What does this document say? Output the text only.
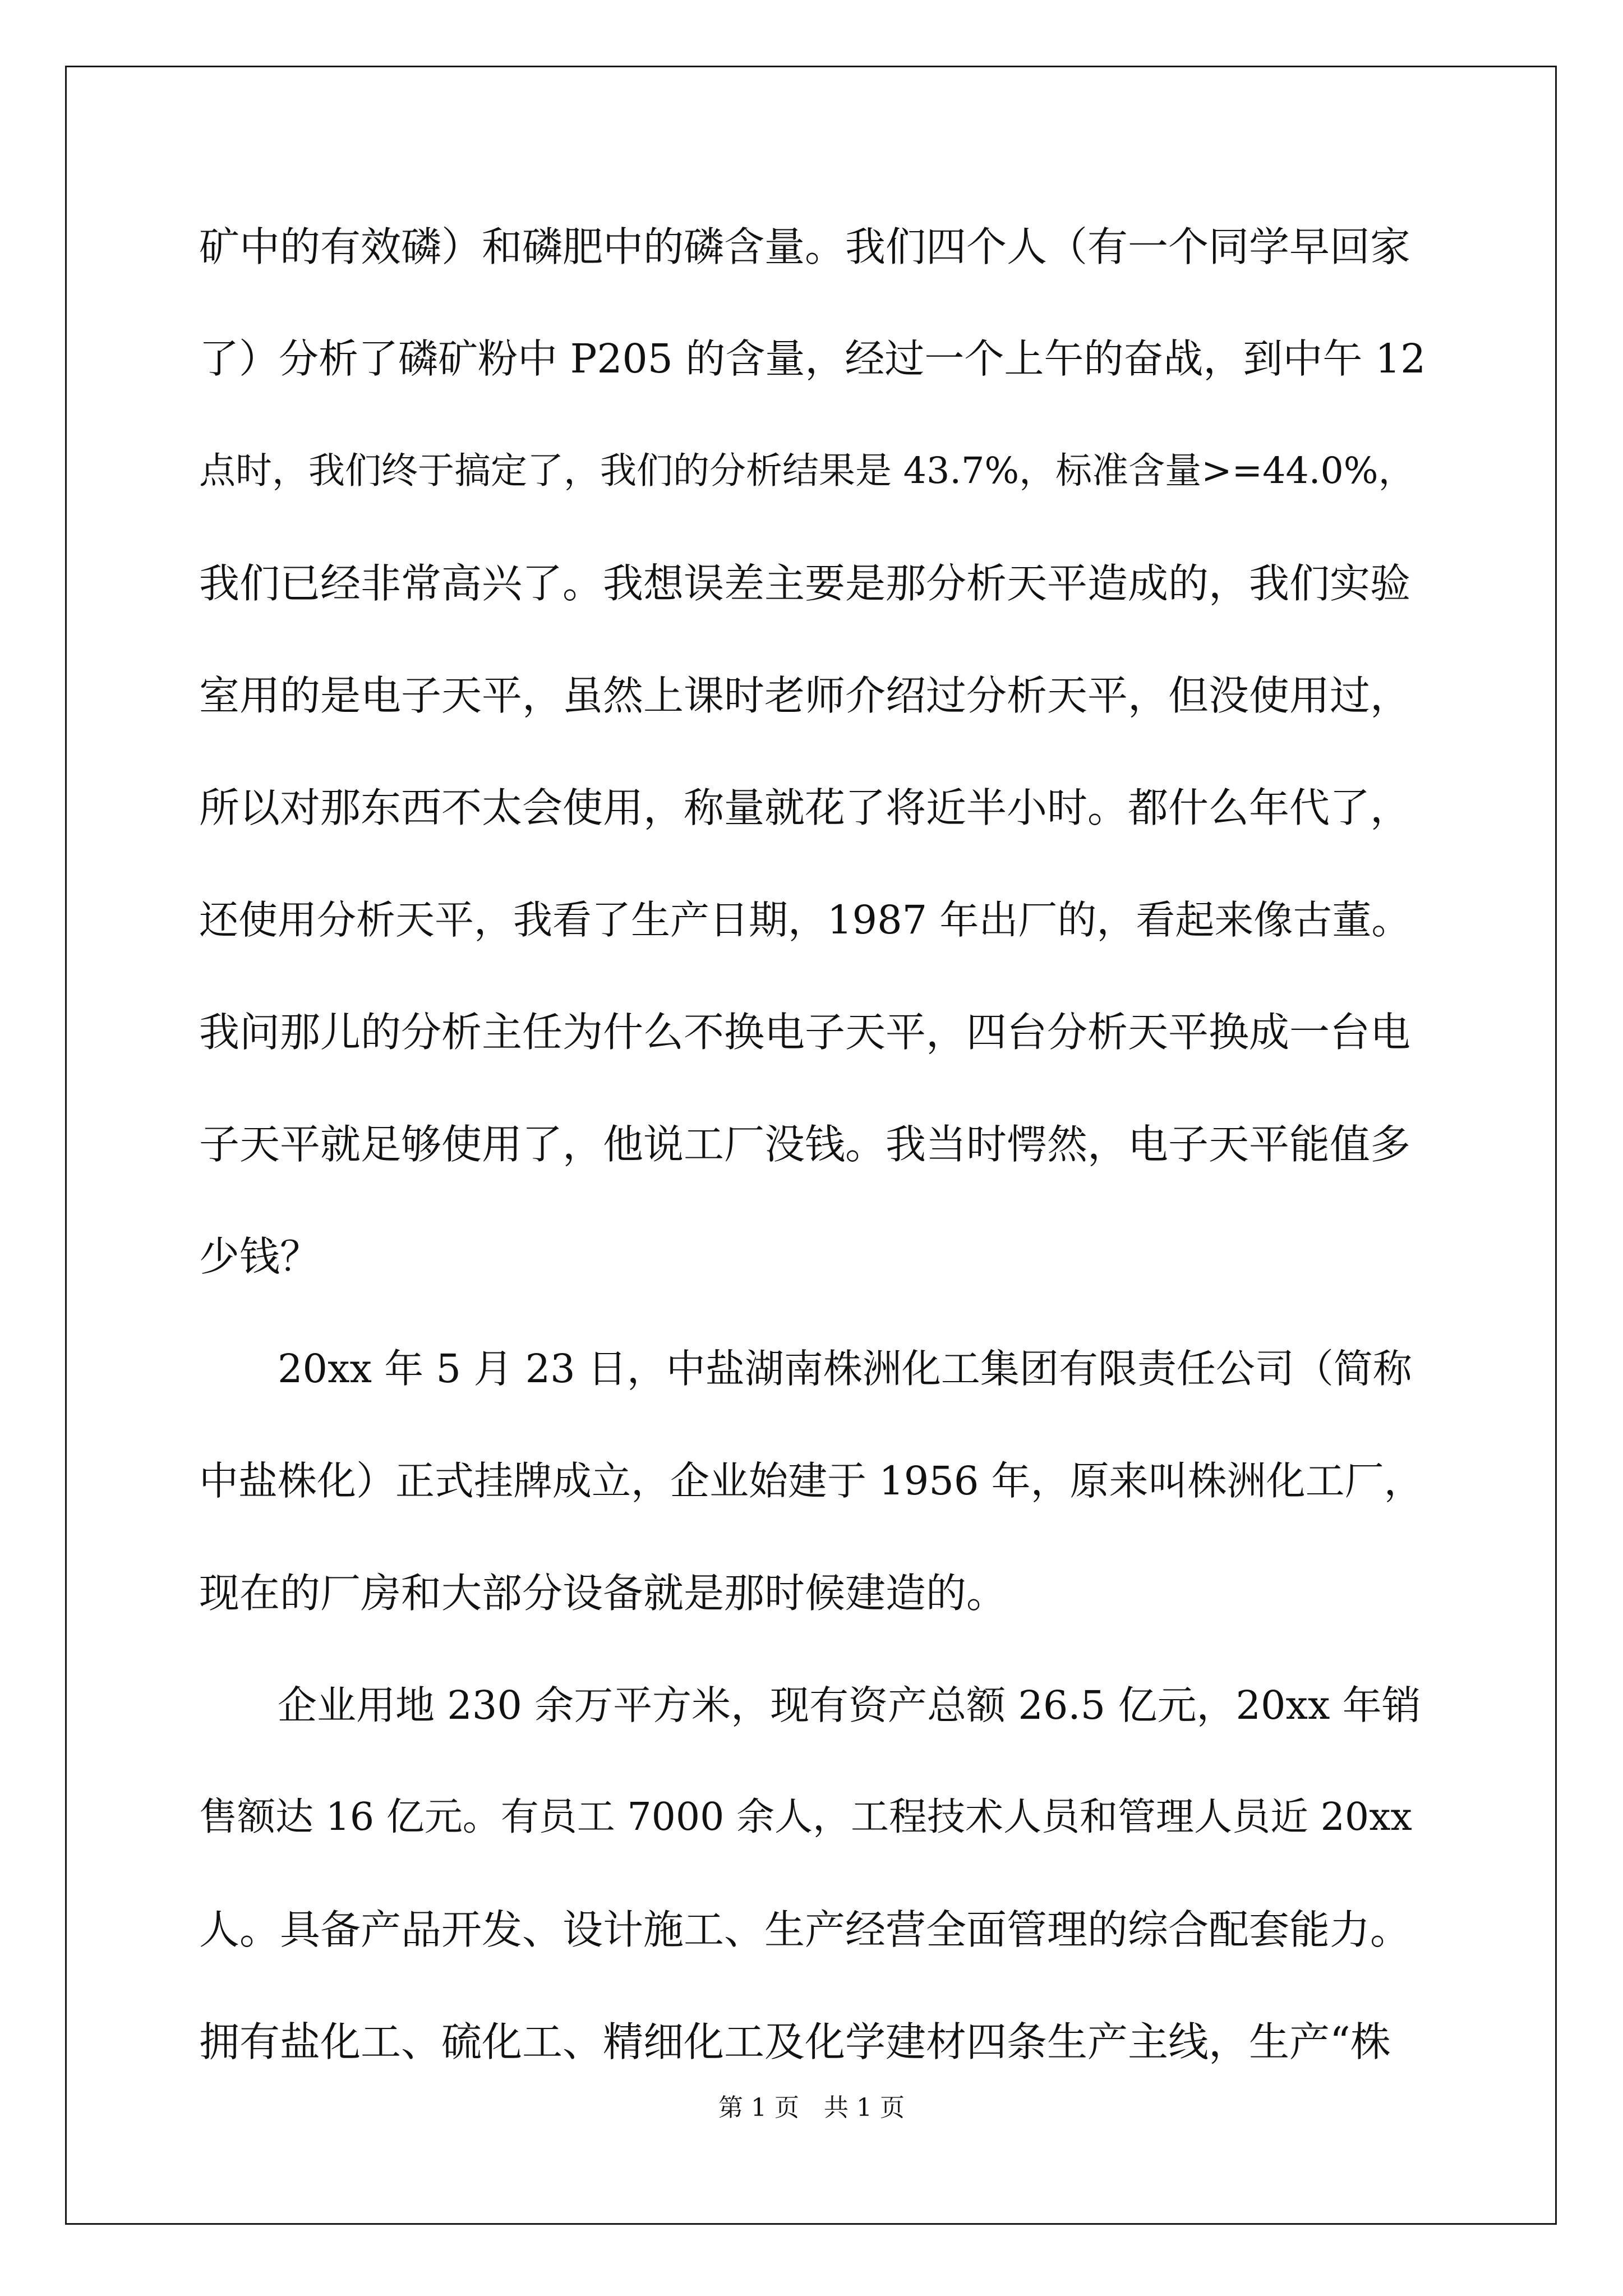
矿中的有效磷）和磷肥中的磷含量。我们四个人（有一个同学早回家
了）分析了磷矿粉中 P205 的含量，经过一个上午的奋战，到中午 12
点时，我们终于搞定了，我们的分析结果是 43.7%，标准含量>=44.0%，
我们已经非常高兴了。我想误差主要是那分析天平造成的，我们实验
室用的是电子天平，虽然上课时老师介绍过分析天平，但没使用过，
所以对那东西不太会使用，称量就花了将近半小时。都什么年代了，
还使用分析天平，我看了生产日期，1987 年出厂的，看起来像古董。
我问那儿的分析主任为什么不换电子天平，四台分析天平换成一台电
子天平就足够使用了，他说工厂没钱。我当时愕然，电子天平能值多
少钱？
　　20xx 年 5 月 23 日，中盐湖南株洲化工集团有限责任公司（简称
中盐株化）正式挂牌成立，企业始建于 1956 年，原来叫株洲化工厂，
现在的厂房和大部分设备就是那时候建造的。
　　企业用地 230 余万平方米，现有资产总额 26.5 亿元，20xx 年销
售额达 16 亿元。有员工 7000 余人，工程技术人员和管理人员近 20xx
人。具备产品开发、设计施工、生产经营全面管理的综合配套能力。
拥有盐化工、硫化工、精细化工及化学建材四条生产主线，生产“株
第 1 页　共 1 页
